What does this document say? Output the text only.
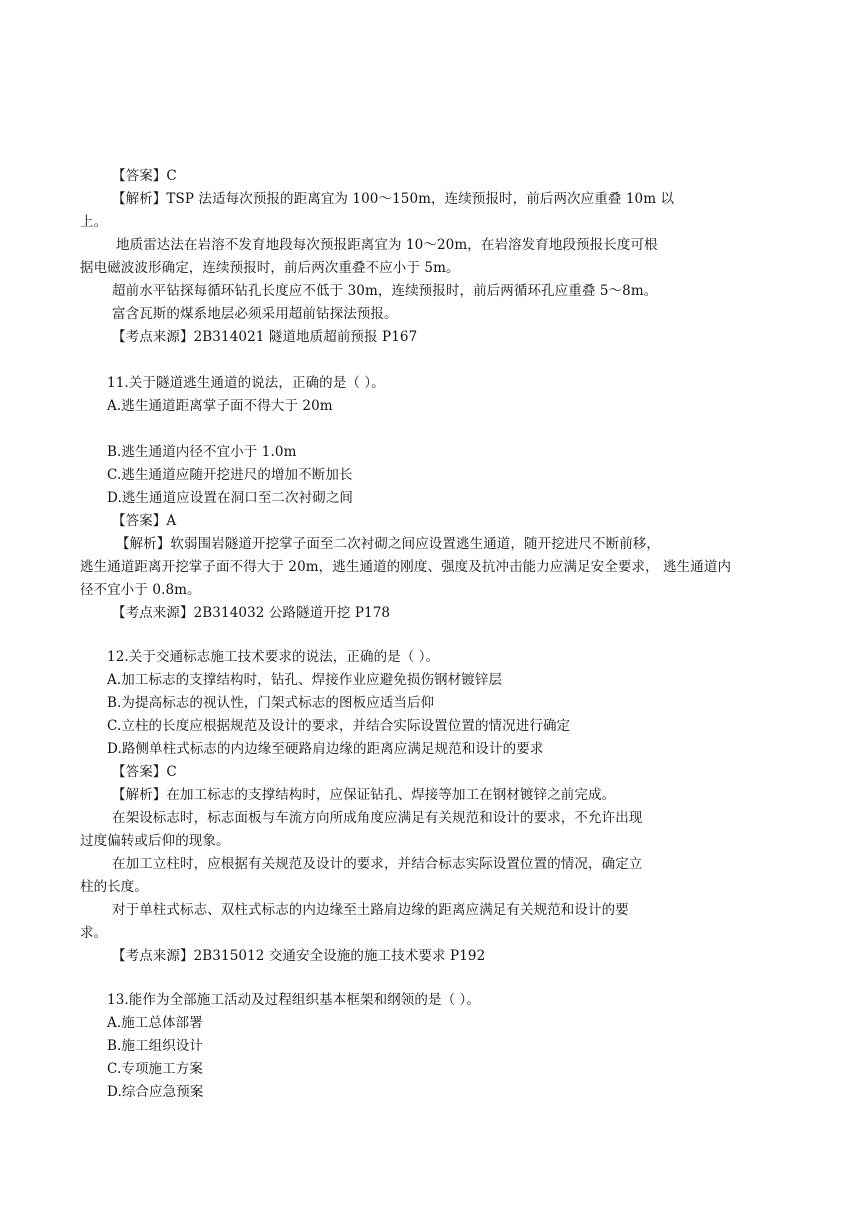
【答案】C
【解析】TSP 法适每次预报的距离宜为 100～150m，连续预报时，前后两次应重叠 10m 以
上。
地质雷达法在岩溶不发育地段每次预报距离宜为 10～20m，在岩溶发育地段预报长度可根
据电磁波波形确定，连续预报时，前后两次重叠不应小于 5m。
超前水平钻探每循环钻孔长度应不低于 30m，连续预报时，前后两循环孔应重叠 5～8m。
富含瓦斯的煤系地层必须采用超前钻探法预报。
【考点来源】2B314021 隧道地质超前预报 P167
11.关于隧道逃生通道的说法，正确的是（ ）。
A.逃生通道距离掌子面不得大于 20m
B.逃生通道内径不宜小于 1.0m
C.逃生通道应随开挖进尺的增加不断加长
D.逃生通道应设置在洞口至二次衬砌之间
【答案】A
【解析】软弱围岩隧道开挖掌子面至二次衬砌之间应设置逃生通道，随开挖进尺不断前移，
逃生通道距离开挖掌子面不得大于 20m，逃生通道的刚度、强度及抗冲击能力应满足安全要求， 逃生通道内
径不宜小于 0.8m。
【考点来源】2B314032 公路隧道开挖 P178
12.关于交通标志施工技术要求的说法，正确的是（ ）。
A.加工标志的支撑结构时，钻孔、焊接作业应避免损伤钢材镀锌层
B.为提高标志的视认性，门架式标志的图板应适当后仰
C.立柱的长度应根据规范及设计的要求，并结合实际设置位置的情况进行确定
D.路侧单柱式标志的内边缘至硬路肩边缘的距离应满足规范和设计的要求
【答案】C
【解析】在加工标志的支撑结构时，应保证钻孔、焊接等加工在钢材镀锌之前完成。
在架设标志时，标志面板与车流方向所成角度应满足有关规范和设计的要求，不允许出现
过度偏转或后仰的现象。
在加工立柱时，应根据有关规范及设计的要求，并结合标志实际设置位置的情况，确定立
柱的长度。
对于单柱式标志、双柱式标志的内边缘至土路肩边缘的距离应满足有关规范和设计的要
求。
【考点来源】2B315012 交通安全设施的施工技术要求 P192
13.能作为全部施工活动及过程组织基本框架和纲领的是（ ）。
A.施工总体部署
B.施工组织设计
C.专项施工方案
D.综合应急预案
